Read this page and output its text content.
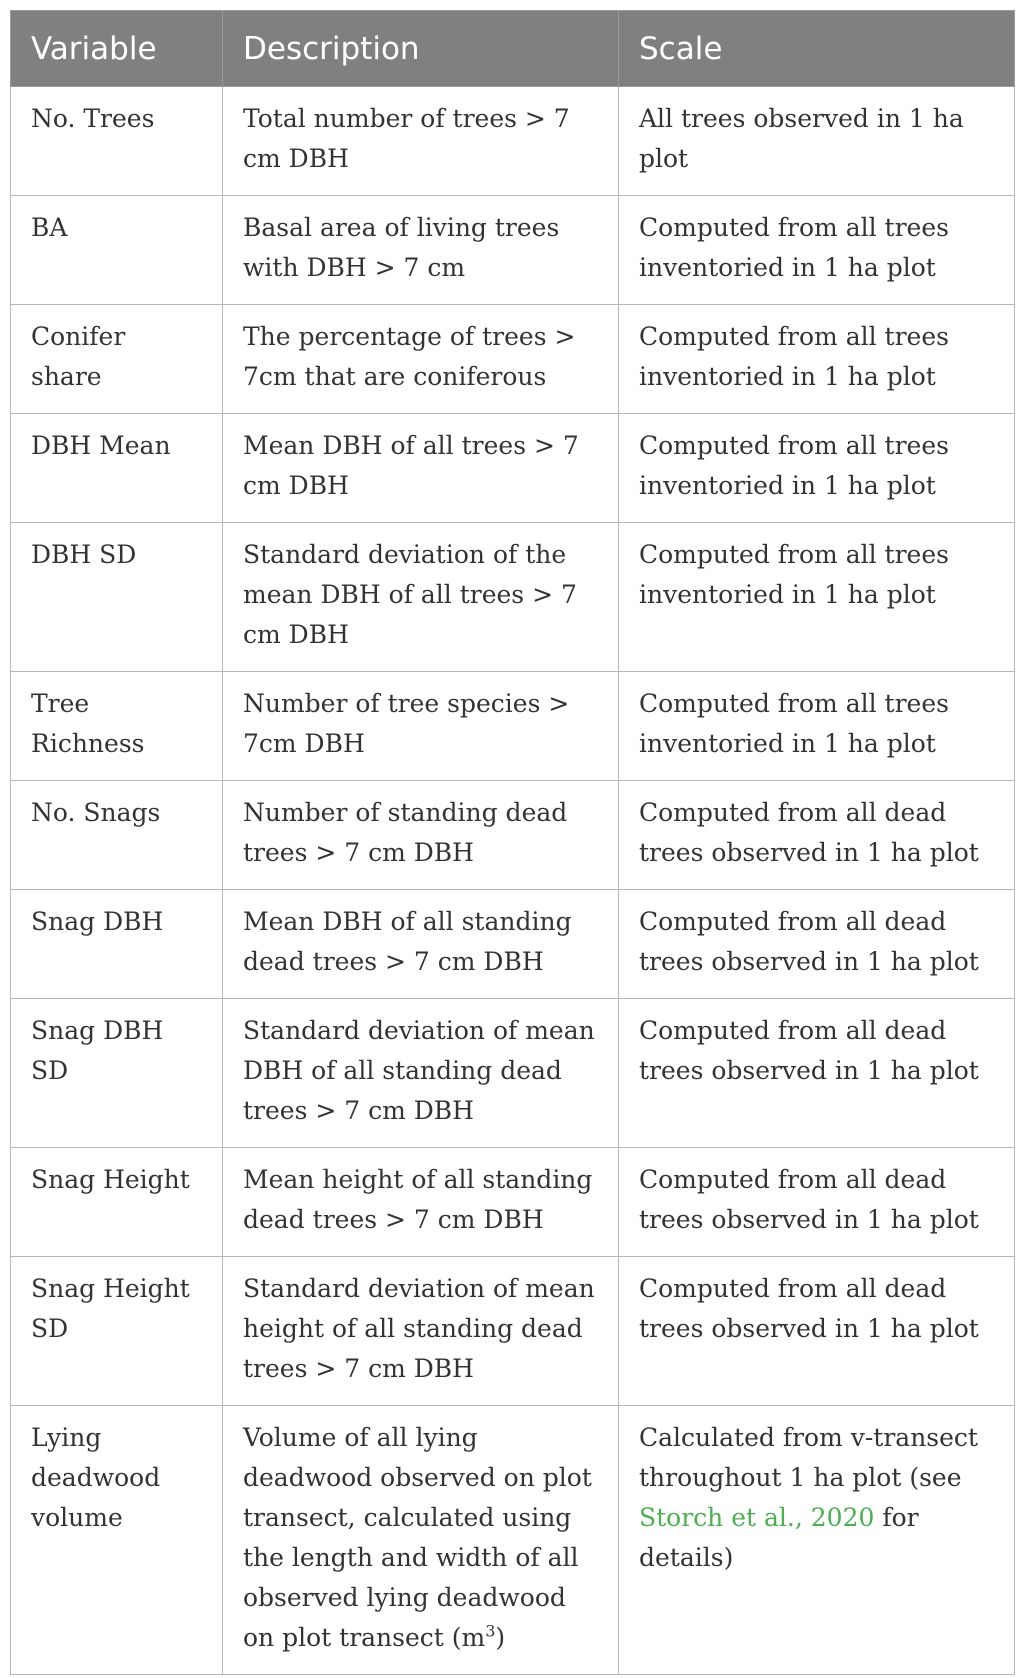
Variable	Description	Scale
No. Trees	Total number of trees > 7 cm DBH	All trees observed in 1 ha plot
BA	Basal area of living trees with DBH > 7 cm	Computed from all trees inventoried in 1 ha plot
Conifer share	The percentage of trees > 7cm that are coniferous	Computed from all trees inventoried in 1 ha plot
DBH Mean	Mean DBH of all trees > 7 cm DBH	Computed from all trees inventoried in 1 ha plot
DBH SD	Standard deviation of the mean DBH of all trees > 7 cm DBH	Computed from all trees inventoried in 1 ha plot
Tree Richness	Number of tree species > 7cm DBH	Computed from all trees inventoried in 1 ha plot
No. Snags	Number of standing dead trees > 7 cm DBH	Computed from all dead trees observed in 1 ha plot
Snag DBH	Mean DBH of all standing dead trees > 7 cm DBH	Computed from all dead trees observed in 1 ha plot
Snag DBH SD	Standard deviation of mean DBH of all standing dead trees > 7 cm DBH	Computed from all dead trees observed in 1 ha plot
Snag Height	Mean height of all standing dead trees > 7 cm DBH	Computed from all dead trees observed in 1 ha plot
Snag Height SD	Standard deviation of mean height of all standing dead trees > 7 cm DBH	Computed from all dead trees observed in 1 ha plot
Lying deadwood volume	Volume of all lying deadwood observed on plot transect, calculated using the length and width of all observed lying deadwood on plot transect $(m^3)$	Calculated from v-transect throughout 1 ha plot (see Storch et al., 2020 for details)
